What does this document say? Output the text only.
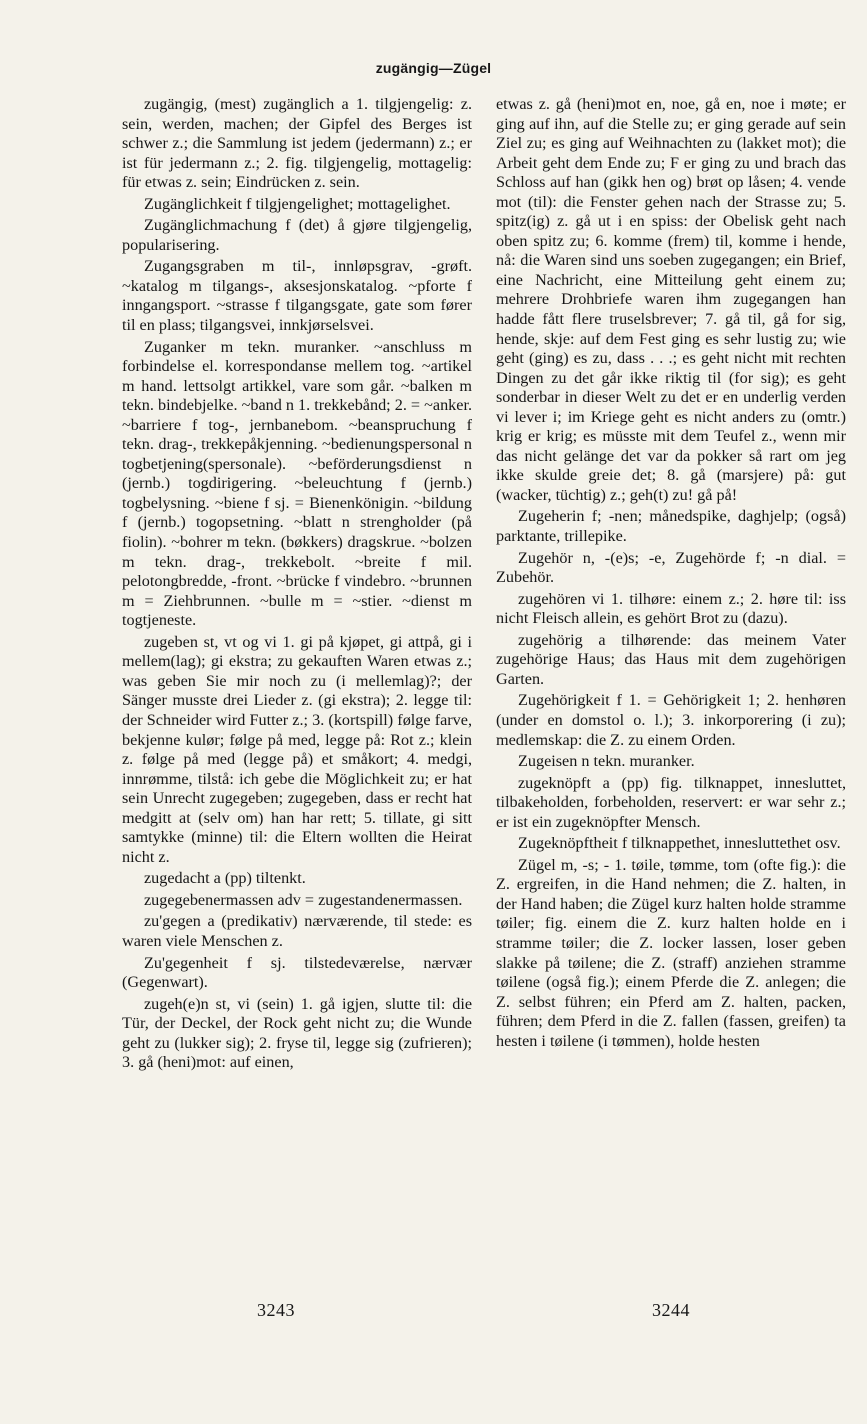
zugängig—Zügel

zugängig, (mest) zugänglich a 1. tilgjengelig: z. sein, werden, machen; der Gipfel des Berges ist schwer z.; die Sammlung ist jedem (jedermann) z.; er ist für jedermann z.; 2. fig. tilgjengelig, mottagelig: für etwas z. sein; Eindrücken z. sein.

Zugänglichkeit f tilgjengelighet; mottagelighet.

Zugänglichmachung f (det) å gjøre tilgjengelig, popularisering.

Zugangsgraben m til-, innløpsgrav, -grøft. ~katalog m tilgangs-, aksesjonskatalog. ~pforte f inngangsport. ~strasse f tilgangsgate, gate som fører til en plass; tilgangsvei, innkjørselsvei.

Zuganker m tekn. muranker. ~anschluss m forbindelse el. korrespondanse mellem tog. ~artikel m hand. lettsolgt artikkel, vare som går. ~balken m tekn. bindebjelke. ~band n 1. trekkebånd; 2. = ~anker. ~barriere f tog-, jernbanebom. ~beanspruchung f tekn. drag-, trekkepåkjenning. ~bedienungspersonal n togbetjening(spersonale). ~beförderungsdienst n (jernb.) togdirigering. ~beleuchtung f (jernb.) togbelysning. ~biene f sj. = Bienenkönigin. ~bildung f (jernb.) togopsetning. ~blatt n strengholder (på fiolin). ~bohrer m tekn. (bøkkers) dragskrue. ~bolzen m tekn. drag-, trekkebolt. ~breite f mil. pelotongbredde, -front. ~brücke f vindebro. ~brunnen m = Ziehbrunnen. ~bulle m = ~stier. ~dienst m togtjeneste.

zugeben st, vt og vi 1. gi på kjøpet, gi attpå, gi i mellem(lag); gi ekstra; zu gekauften Waren etwas z.; was geben Sie mir noch zu (i mellemlag)?; der Sänger musste drei Lieder z. (gi ekstra); 2. legge til: der Schneider wird Futter z.; 3. (kortspill) følge farve, bekjenne kulør; følge på med, legge på: Rot z.; klein z. følge på med (legge på) et småkort; 4. medgi, innrømme, tilstå: ich gebe die Möglichkeit zu; er hat sein Unrecht zugegeben; zugegeben, dass er recht hat medgitt at (selv om) han har rett; 5. tillate, gi sitt samtykke (minne) til: die Eltern wollten die Heirat nicht z.

zugedacht a (pp) tiltenkt.

zugegebenermassen adv = zugestandenermassen.

zu'gegen a (predikativ) nærværende, til stede: es waren viele Menschen z.

Zu'gegenheit f sj. tilstedeværelse, nærvær (Gegenwart).

zugeh(e)n st, vi (sein) 1. gå igjen, slutte til: die Tür, der Deckel, der Rock geht nicht zu; die Wunde geht zu (lukker sig); 2. fryse til, legge sig (zufrieren); 3. gå (heni)mot: auf einen,

etwas z. gå (heni)mot en, noe, gå en, noe i møte; er ging auf ihn, auf die Stelle zu; er ging gerade auf sein Ziel zu; es ging auf Weihnachten zu (lakket mot); die Arbeit geht dem Ende zu; F er ging zu und brach das Schloss auf han (gikk hen og) brøt op låsen; 4. vende mot (til): die Fenster gehen nach der Strasse zu; 5. spitz(ig) z. gå ut i en spiss: der Obelisk geht nach oben spitz zu; 6. komme (frem) til, komme i hende, nå: die Waren sind uns soeben zugegangen; ein Brief, eine Nachricht, eine Mitteilung geht einem zu; mehrere Drohbriefe waren ihm zugegangen han hadde fått flere truselsbrever; 7. gå til, gå for sig, hende, skje: auf dem Fest ging es sehr lustig zu; wie geht (ging) es zu, dass . . .; es geht nicht mit rechten Dingen zu det går ikke riktig til (for sig); es geht sonderbar in dieser Welt zu det er en underlig verden vi lever i; im Kriege geht es nicht anders zu (omtr.) krig er krig; es müsste mit dem Teufel z., wenn mir das nicht gelänge det var da pokker så rart om jeg ikke skulde greie det; 8. gå (marsjere) på: gut (wacker, tüchtig) z.; geh(t) zu! gå på!

Zugeherin f; -nen; månedspike, daghjelp; (også) parktante, trillepike.

Zugehör n, -(e)s; -e, Zugehörde f; -n dial. = Zubehör.

zugehören vi 1. tilhøre: einem z.; 2. høre til: iss nicht Fleisch allein, es gehört Brot zu (dazu).

zugehörig a tilhørende: das meinem Vater zugehörige Haus; das Haus mit dem zugehörigen Garten.

Zugehörigkeit f 1. = Gehörigkeit 1; 2. henhøren (under en domstol o. l.); 3. inkorporering (i zu); medlemskap: die Z. zu einem Orden.

Zugeisen n tekn. muranker.

zugeknöpft a (pp) fig. tilknappet, innesluttet, tilbakeholden, forbeholden, reservert: er war sehr z.; er ist ein zugeknöpfter Mensch.

Zugeknöpftheit f tilknappethet, innesluttethet osv.

Zügel m, -s; - 1. tøile, tømme, tom (ofte fig.): die Z. ergreifen, in die Hand nehmen; die Z. halten, in der Hand haben; die Zügel kurz halten holde stramme tøiler; fig. einem die Z. kurz halten holde en i stramme tøiler; die Z. locker lassen, loser geben slakke på tøilene; die Z. (straff) anziehen stramme tøilene (også fig.); einem Pferde die Z. anlegen; die Z. selbst führen; ein Pferd am Z. halten, packen, führen; dem Pferd in die Z. fallen (fassen, greifen) ta hesten i tøilene (i tømmen), holde hesten

3243	3244
